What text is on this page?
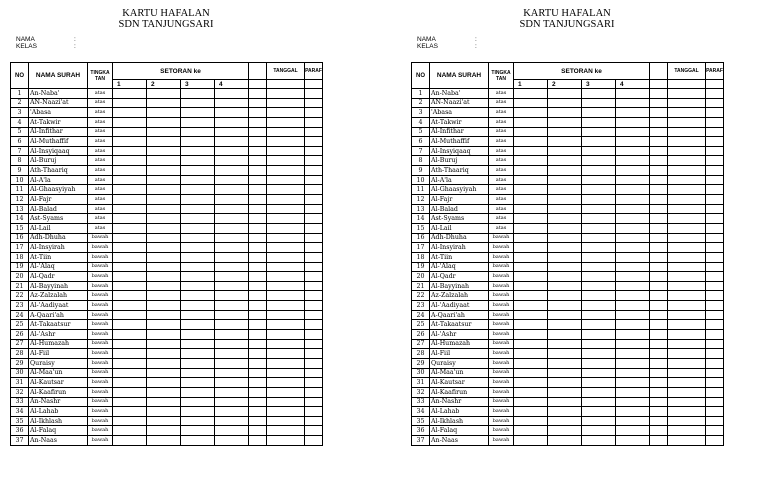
KARTU HAFALAN
SDN TANJUNGSARI
NAMA	:
KELAS	:
NO	NAMA SURAH	TINGKA
TAN	SETORAN ke					TANGGAL	PARAF
			1	2	3	4			
1	An-Naba'	atas							
2	AN-Naazi'at	atas							
3	'Abasa	atas							
4	At-Takwir	atas							
5	Al-Infithar	atas							
6	Al-Muthaffif	atas							
7	Al-Insyiqaaq	atas							
8	Al-Buruj	atas							
9	Ath-Thaariq	atas							
10	Al-A'la	atas							
11	Al-Ghaasyiyah	atas							
12	Al-Fajr	atas							
13	Al-Balad	atas							
14	Ast-Syams	atas							
15	Al-Lail	atas							
16	Adh-Dhuha	bawah							
17	Al-Insyirah	bawah							
18	At-Tiin	bawah							
19	Al-'Alaq	bawah							
20	Al-Qadr	bawah							
21	Al-Bayyinah	bawah							
22	Az-Zalzalah	bawah							
23	Al-'Aadiyaat	bawah							
24	A-Qaari'ah	bawah							
25	At-Takaatsur	bawah							
26	Al-'Ashr	bawah							
27	Al-Humazah	bawah							
28	Al-Fiil	bawah							
29	Quraisy	bawah							
30	Al-Maa'un	bawah							
31	Al-Kautsar	bawah							
32	Al-Kaafirun	bawah							
33	An-Nashr	bawah							
34	Al-Lahab	bawah							
35	Al-Ikhlash	bawah							
36	Al-Falaq	bawah							
37	An-Naas	bawah							
KARTU HAFALAN
SDN TANJUNGSARI
NAMA	:
KELAS	:
NO	NAMA SURAH	TINGKA
TAN	SETORAN ke					TANGGAL	PARAF
			1	2	3	4			
1	An-Naba'	atas							
2	AN-Naazi'at	atas							
3	'Abasa	atas							
4	At-Takwir	atas							
5	Al-Infithar	atas							
6	Al-Muthaffif	atas							
7	Al-Insyiqaaq	atas							
8	Al-Buruj	atas							
9	Ath-Thaariq	atas							
10	Al-A'la	atas							
11	Al-Ghaasyiyah	atas							
12	Al-Fajr	atas							
13	Al-Balad	atas							
14	Ast-Syams	atas							
15	Al-Lail	atas							
16	Adh-Dhuha	bawah							
17	Al-Insyirah	bawah							
18	At-Tiin	bawah							
19	Al-'Alaq	bawah							
20	Al-Qadr	bawah							
21	Al-Bayyinah	bawah							
22	Az-Zalzalah	bawah							
23	Al-'Aadiyaat	bawah							
24	A-Qaari'ah	bawah							
25	At-Takaatsur	bawah							
26	Al-'Ashr	bawah							
27	Al-Humazah	bawah							
28	Al-Fiil	bawah							
29	Quraisy	bawah							
30	Al-Maa'un	bawah							
31	Al-Kautsar	bawah							
32	Al-Kaafirun	bawah							
33	An-Nashr	bawah							
34	Al-Lahab	bawah							
35	Al-Ikhlash	bawah							
36	Al-Falaq	bawah							
37	An-Naas	bawah							
